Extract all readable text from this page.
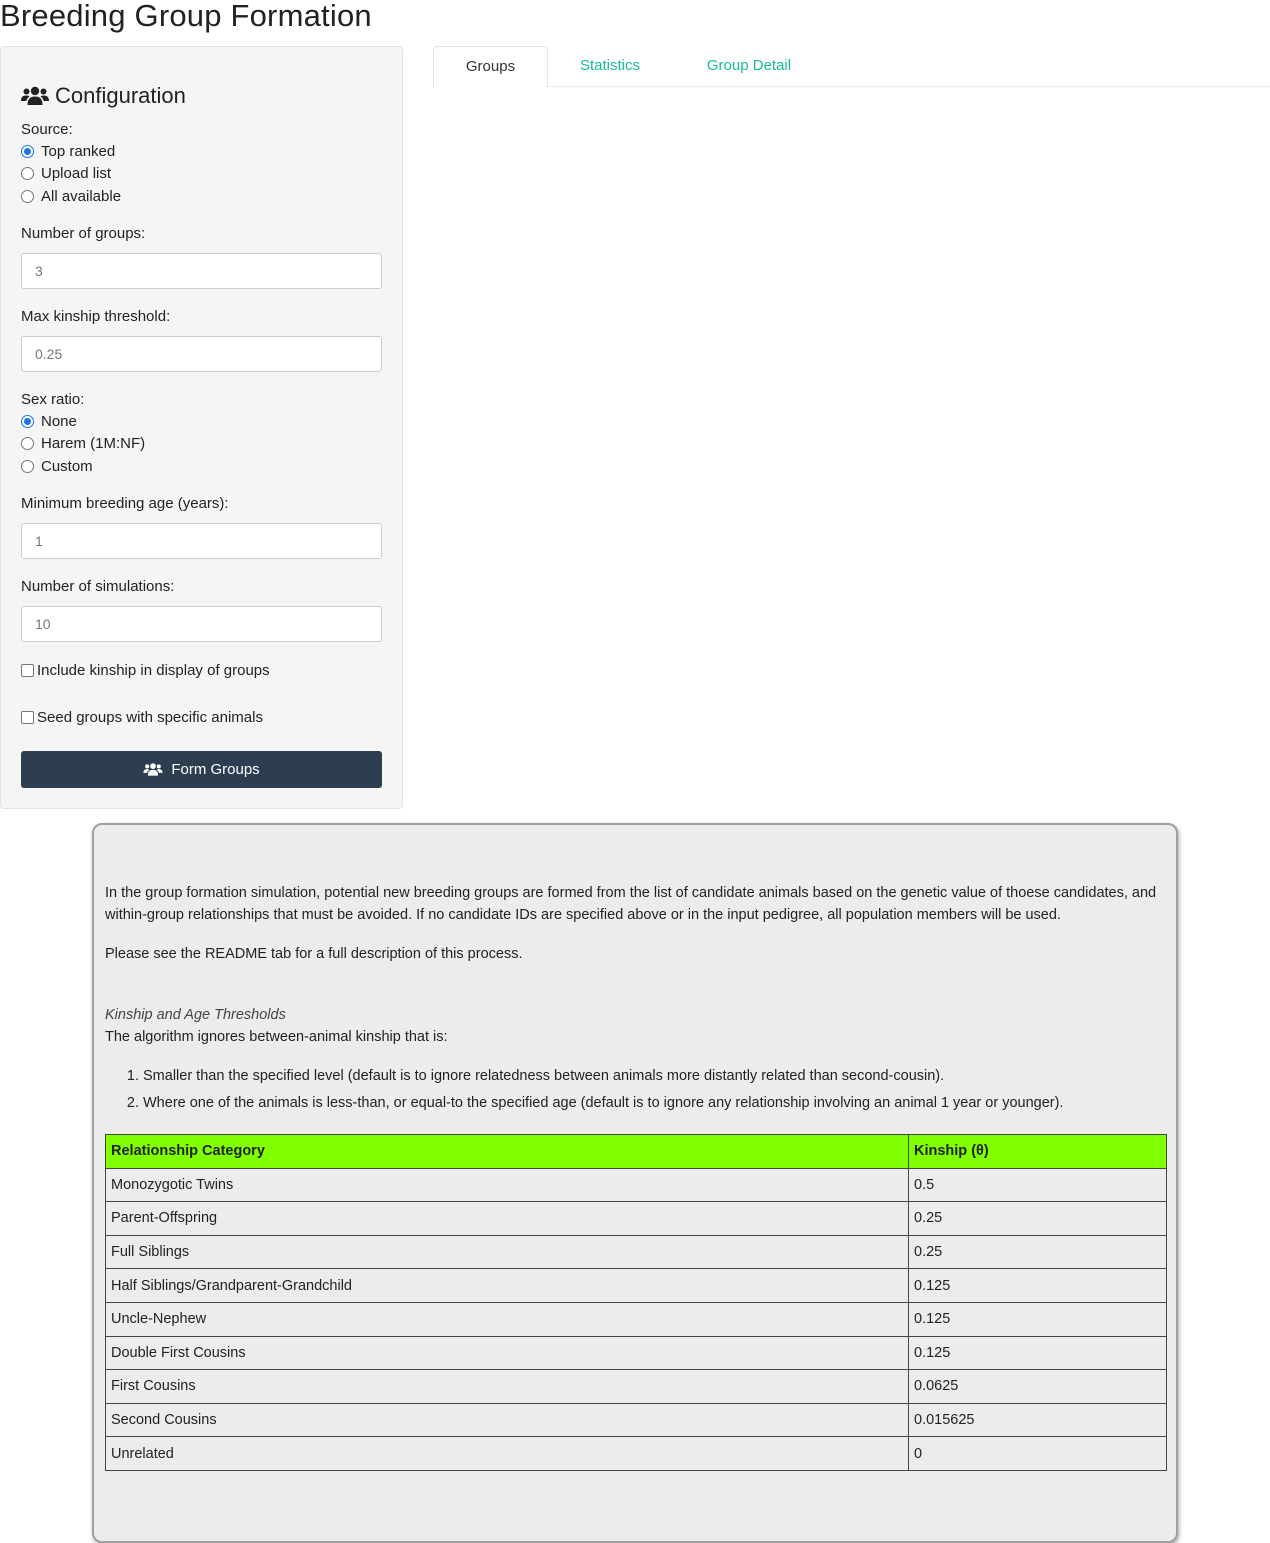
Breeding Group Formation
Configuration
Source:
Top ranked
Upload list
All available
Number of groups:
3
Max kinship threshold:
0.25
Sex ratio:
None
Harem (1M:NF)
Custom
Minimum breeding age (years):
1
Number of simulations:
10
Include kinship in display of groups
Seed groups with specific animals
Form Groups
Groups	Statistics	Group Detail

In the group formation simulation, potential new breeding groups are formed from the list of candidate animals based on the genetic value of thoese candidates, and within-group relationships that must be avoided. If no candidate IDs are specified above or in the input pedigree, all population members will be used.

Please see the README tab for a full description of this process.

Kinship and Age Thresholds

The algorithm ignores between-animal kinship that is:

1. Smaller than the specified level (default is to ignore relatedness between animals more distantly related than second-cousin).
2. Where one of the animals is less-than, or equal-to the specified age (default is to ignore any relationship involving an animal 1 year or younger).
Relationship Category	Kinship (θ)
Monozygotic Twins	0.5
Parent-Offspring	0.25
Full Siblings	0.25
Half Siblings/Grandparent-Grandchild	0.125
Uncle-Nephew	0.125
Double First Cousins	0.125
First Cousins	0.0625
Second Cousins	0.015625
Unrelated	0
